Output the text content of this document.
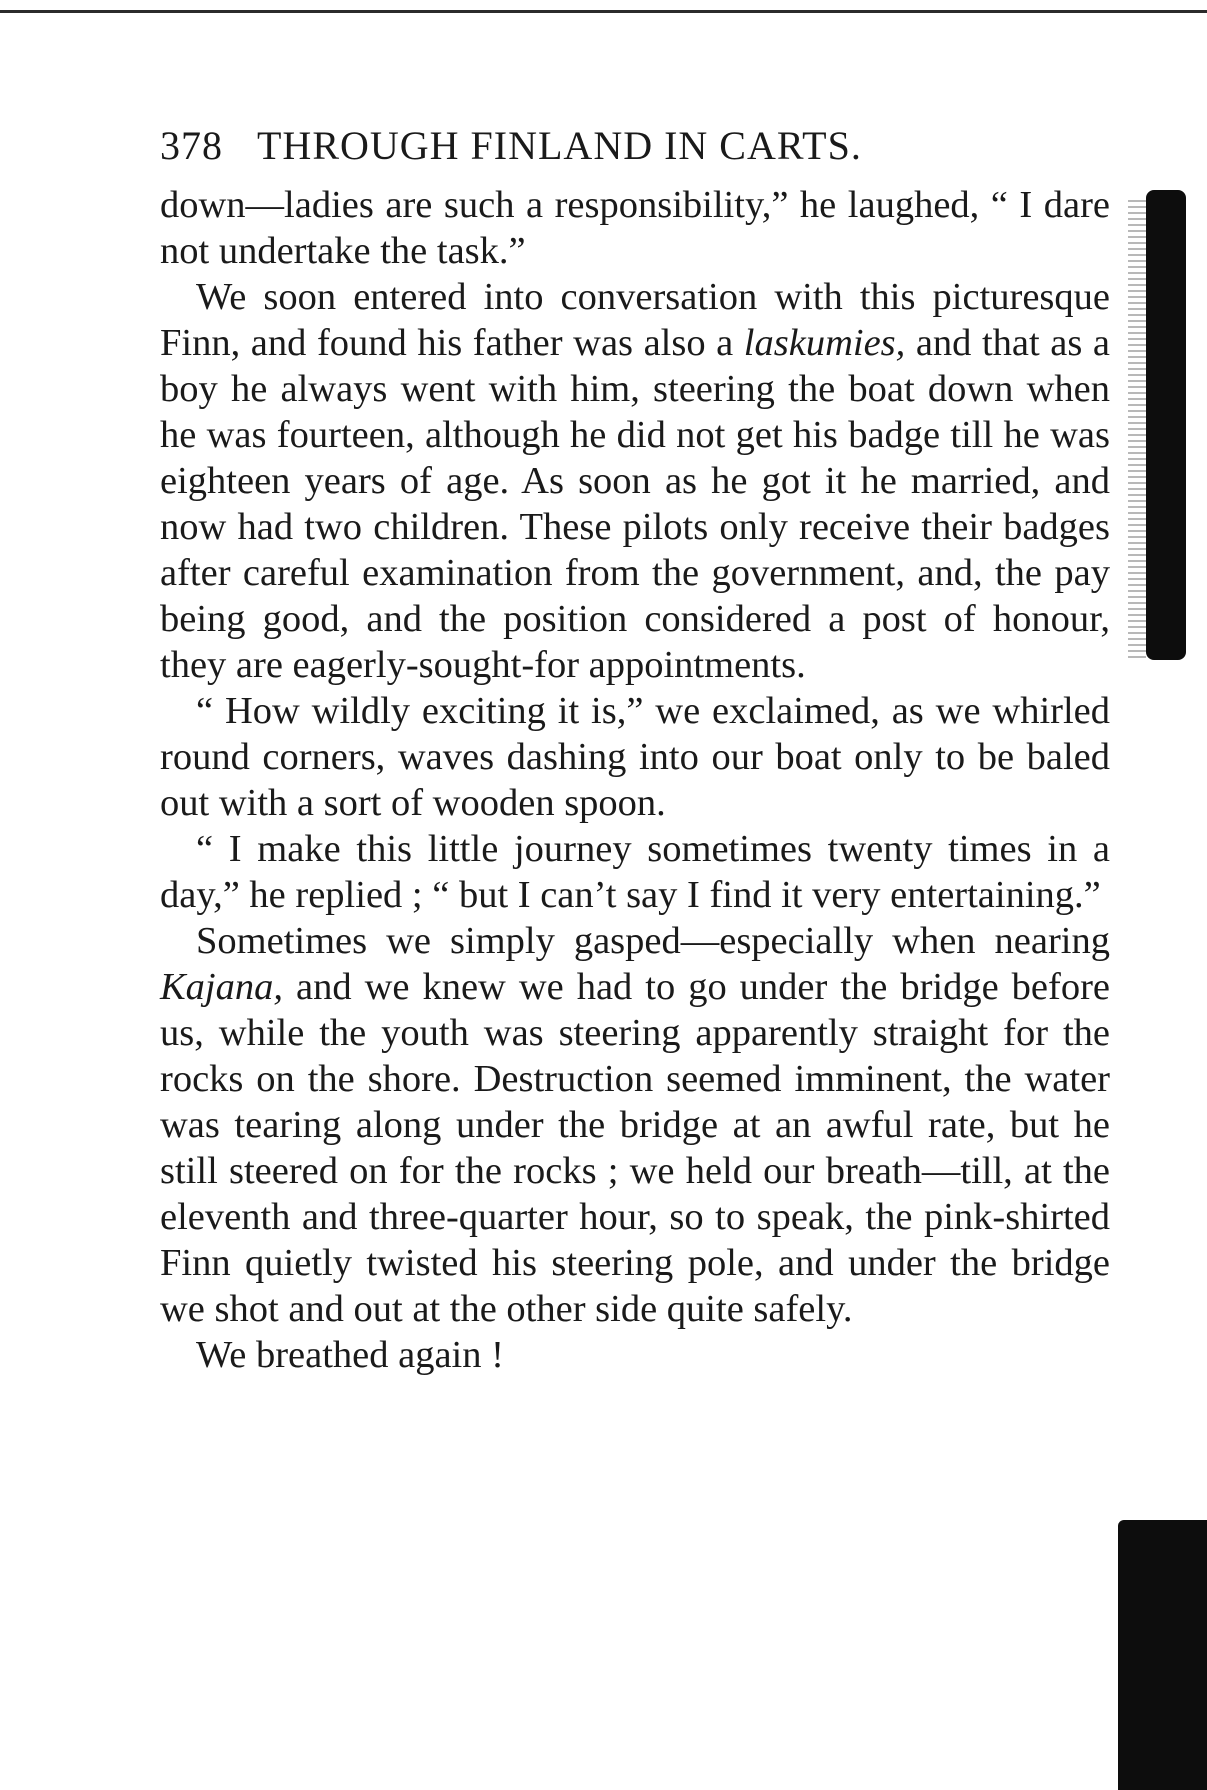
378 THROUGH FINLAND IN CARTS.

down—ladies are such a responsibility,” he laughed, “ I dare not undertake the task.”

We soon entered into conversation with this picturesque Finn, and found his father was also a laskumies, and that as a boy he always went with him, steering the boat down when he was fourteen, although he did not get his badge till he was eighteen years of age. As soon as he got it he married, and now had two children. These pilots only receive their badges after careful examination from the government, and, the pay being good, and the position considered a post of honour, they are eagerly-sought-for appointments.

“ How wildly exciting it is,” we exclaimed, as we whirled round corners, waves dashing into our boat only to be baled out with a sort of wooden spoon.

“ I make this little journey sometimes twenty times in a day,” he replied ; “ but I can’t say I find it very entertaining.”

Sometimes we simply gasped—especially when nearing Kajana, and we knew we had to go under the bridge before us, while the youth was steering apparently straight for the rocks on the shore. Destruction seemed imminent, the water was tearing along under the bridge at an awful rate, but he still steered on for the rocks ; we held our breath—till, at the eleventh and three-quarter hour, so to speak, the pink-shirted Finn quietly twisted his steering pole, and under the bridge we shot and out at the other side quite safely.

We breathed again !
